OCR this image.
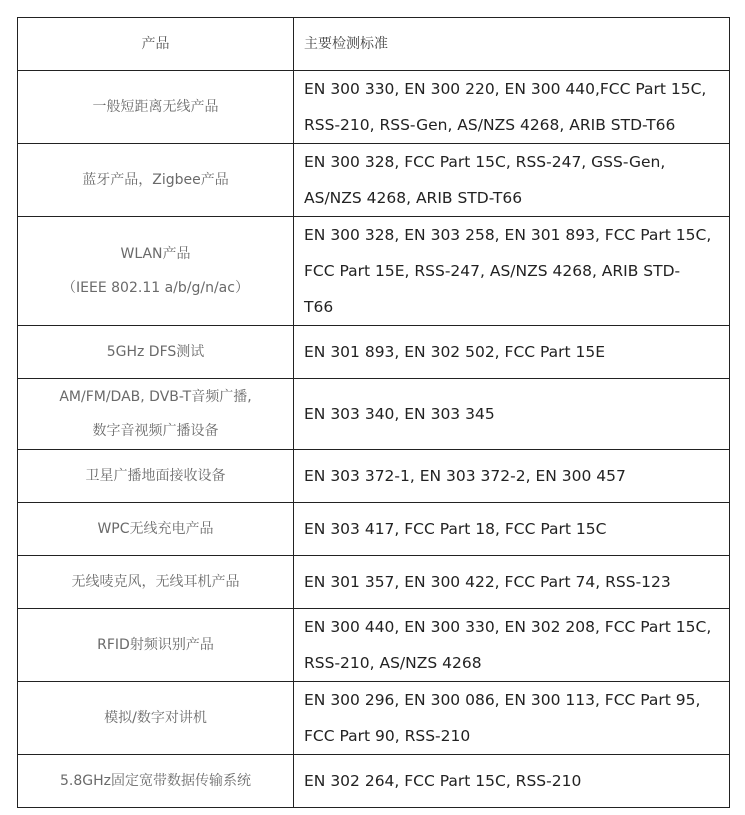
产品	主要检测标准

一般短距离无线产品	EN 300 330, EN 300 220, EN 300 440,FCC Part 15C,
RSS-210, RSS-Gen, AS/NZS 4268, ARIB STD-T66

蓝牙产品，Zigbee产品	EN 300 328, FCC Part 15C, RSS-247, GSS-Gen,
AS/NZS 4268, ARIB STD-T66

WLAN产品
（IEEE 802.11 a/b/g/n/ac）	EN 300 328, EN 303 258, EN 301 893, FCC Part 15C,
FCC Part 15E, RSS-247, AS/NZS 4268, ARIB STD-
T66

5GHz DFS测试	EN 301 893, EN 302 502, FCC Part 15E

AM/FM/DAB, DVB-T音频广播,
数字音视频广播设备	EN 303 340, EN 303 345

卫星广播地面接收设备	EN 303 372-1, EN 303 372-2, EN 300 457

WPC无线充电产品	EN 303 417, FCC Part 18, FCC Part 15C

无线唛克风，无线耳机产品	EN 301 357, EN 300 422, FCC Part 74, RSS-123

RFID射频识别产品	EN 300 440, EN 300 330, EN 302 208, FCC Part 15C,
RSS-210, AS/NZS 4268

模拟/数字对讲机	EN 300 296, EN 300 086, EN 300 113, FCC Part 95,
FCC Part 90, RSS-210

5.8GHz固定宽带数据传输系统	EN 302 264, FCC Part 15C, RSS-210
